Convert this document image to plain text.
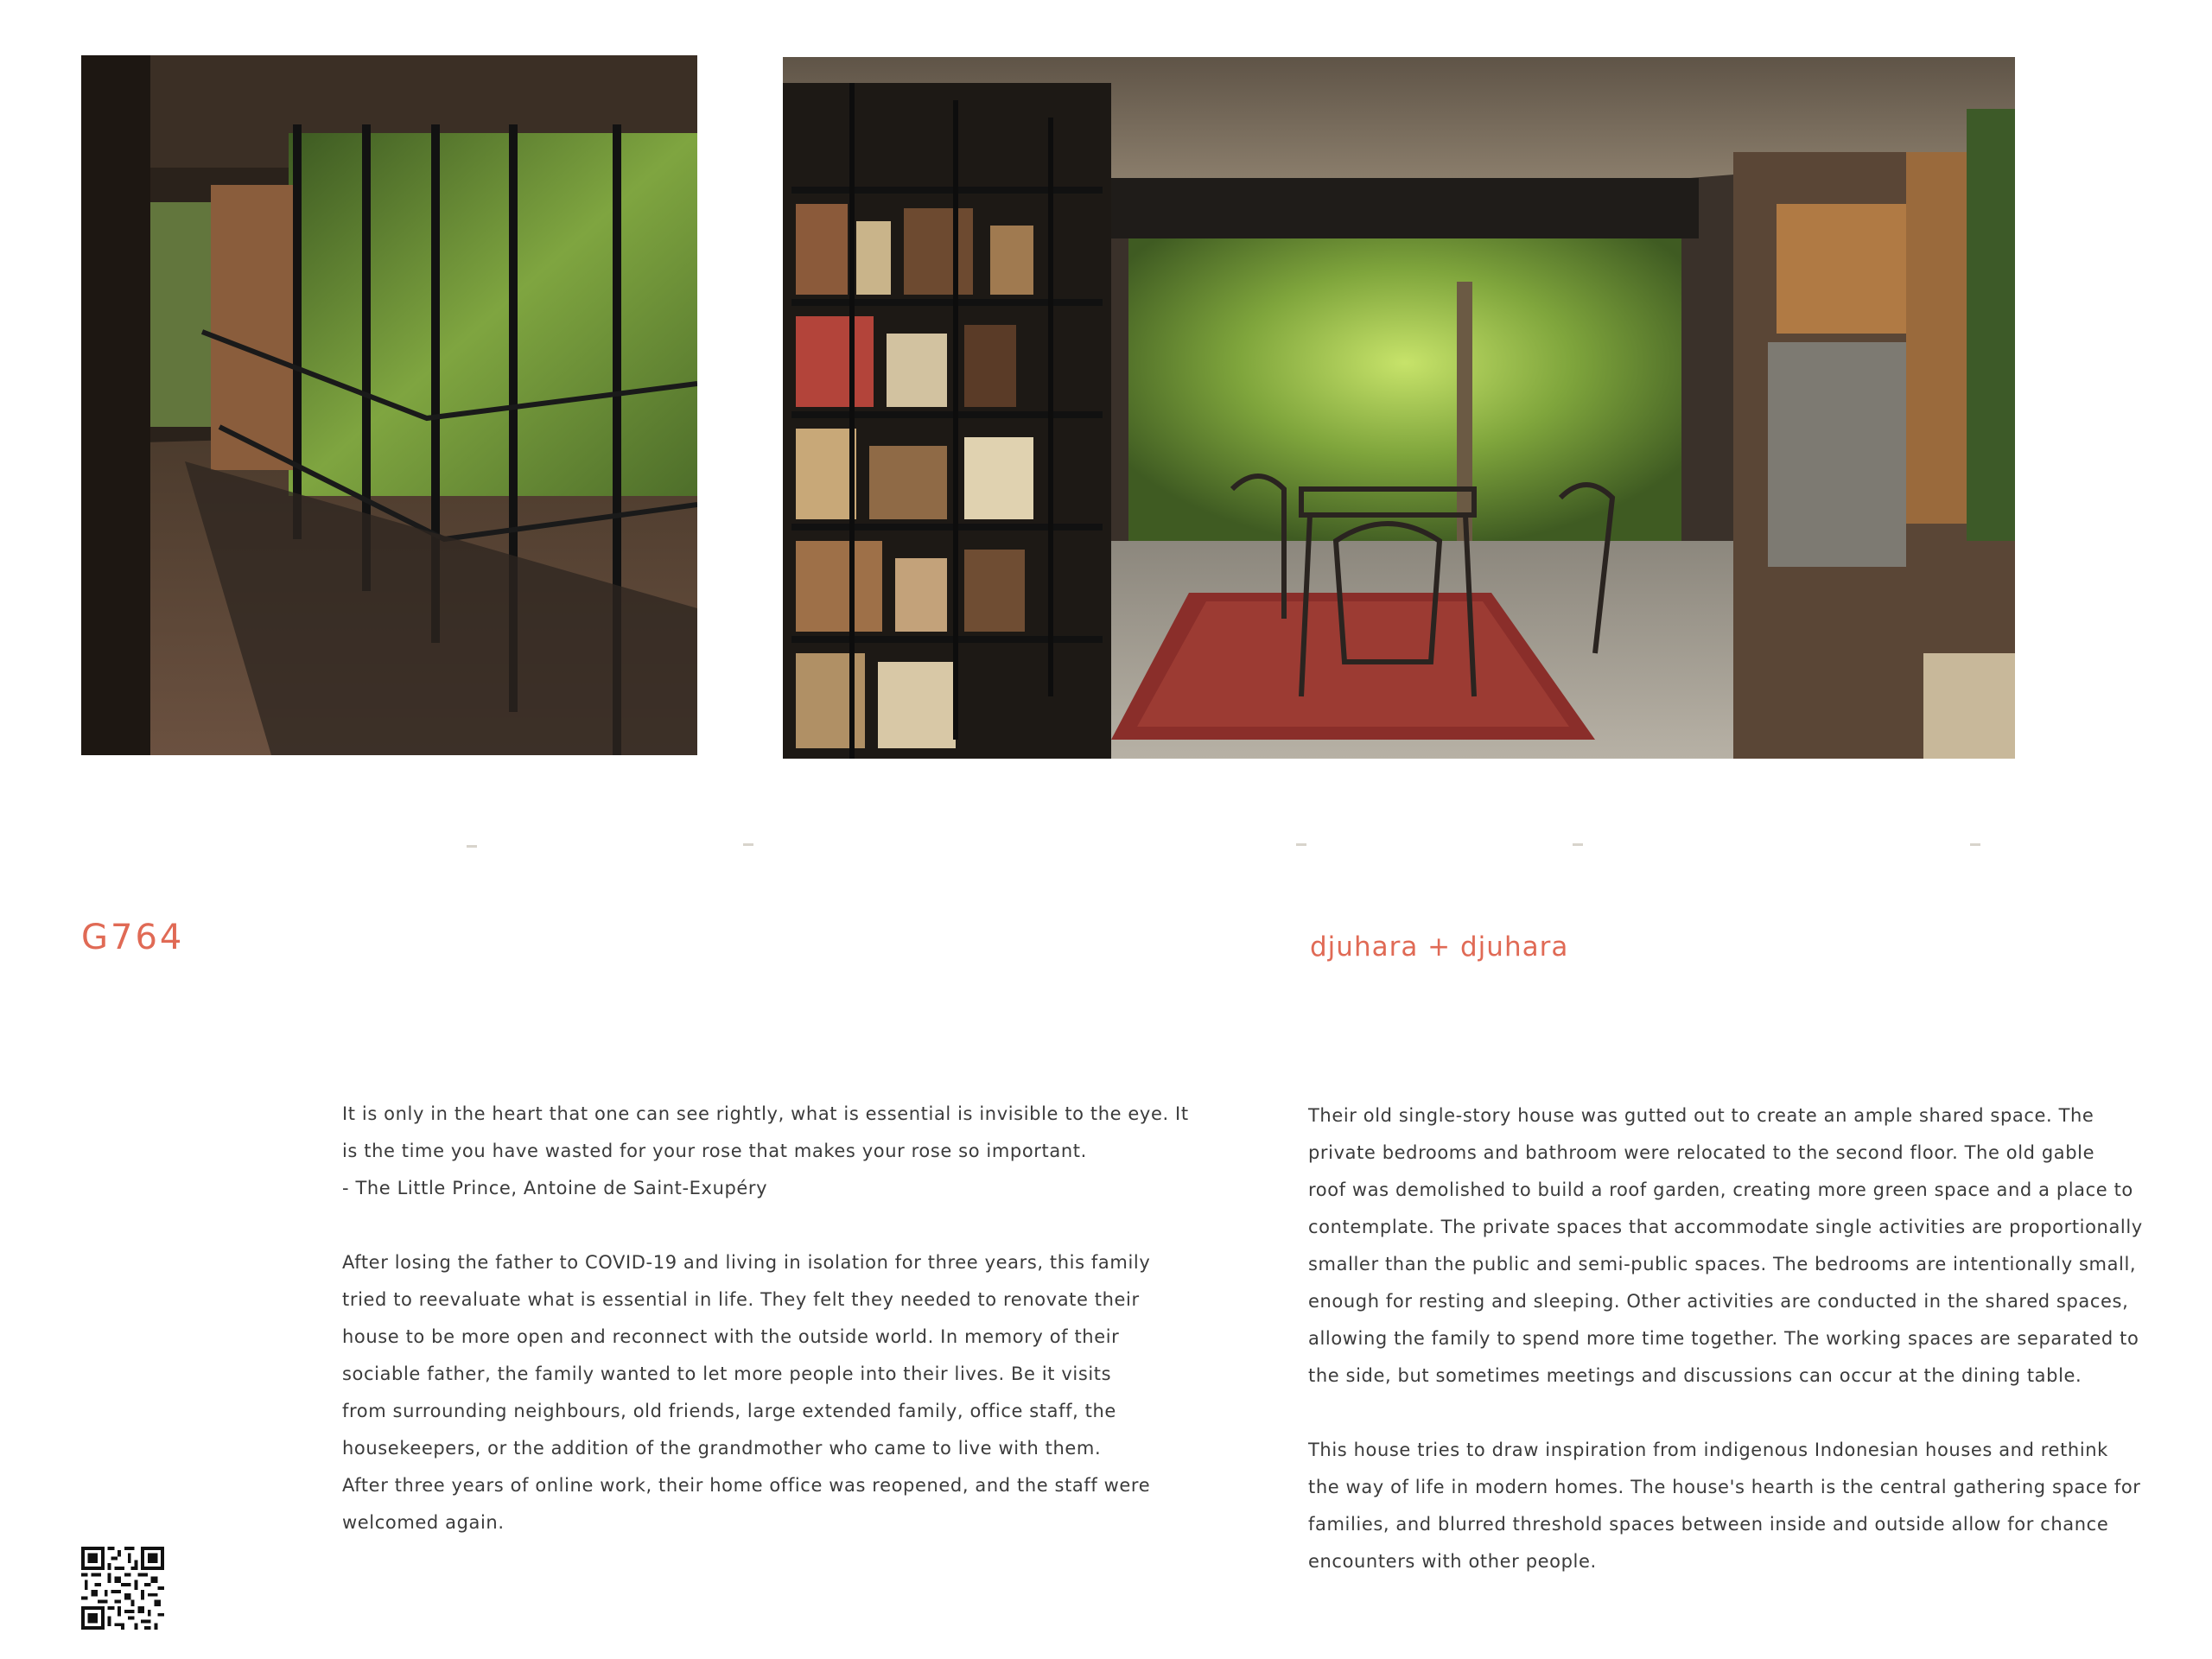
G764	djuhara + djuhara

It is only in the heart that one can see rightly, what is essential is invisible to the eye. It

is the time you have wasted for your rose that makes your rose so important.

- The Little Prince, Antoine de Saint-Exupéry

After losing the father to COVID-19 and living in isolation for three years, this family

tried to reevaluate what is essential in life. They felt they needed to renovate their

house to be more open and reconnect with the outside world. In memory of their

sociable father, the family wanted to let more people into their lives. Be it visits

from surrounding neighbours, old friends, large extended family, office staff, the

housekeepers, or the addition of the grandmother who came to live with them.

After three years of online work, their home office was reopened, and the staff were

welcomed again.

Their old single-story house was gutted out to create an ample shared space. The

private bedrooms and bathroom were relocated to the second floor. The old gable

roof was demolished to build a roof garden, creating more green space and a place to

contemplate. The private spaces that accommodate single activities are proportionally

smaller than the public and semi-public spaces. The bedrooms are intentionally small,

enough for resting and sleeping. Other activities are conducted in the shared spaces,

allowing the family to spend more time together. The working spaces are separated to

the side, but sometimes meetings and discussions can occur at the dining table.

This house tries to draw inspiration from indigenous Indonesian houses and rethink

the way of life in modern homes. The house's hearth is the central gathering space for

families, and blurred threshold spaces between inside and outside allow for chance

encounters with other people.
